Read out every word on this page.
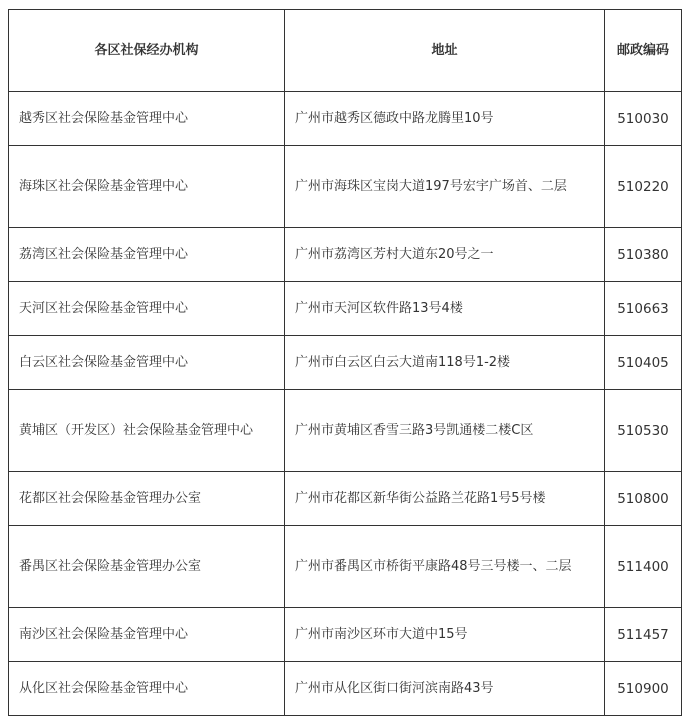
各区社保经办机构	地址	邮政编码
越秀区社会保险基金管理中心	广州市越秀区德政中路龙腾里10号	510030
海珠区社会保险基金管理中心	广州市海珠区宝岗大道197号宏宇广场首、二层	510220
荔湾区社会保险基金管理中心	广州市荔湾区芳村大道东20号之一	510380
天河区社会保险基金管理中心	广州市天河区软件路13号4楼	510663
白云区社会保险基金管理中心	广州市白云区白云大道南118号1-2楼	510405
黄埔区（开发区）社会保险基金管理中心	广州市黄埔区香雪三路3号凯通楼二楼C区	510530
花都区社会保险基金管理办公室	广州市花都区新华街公益路兰花路1号5号楼	510800
番禺区社会保险基金管理办公室	广州市番禺区市桥街平康路48号三号楼一、二层	511400
南沙区社会保险基金管理中心	广州市南沙区环市大道中15号	511457
从化区社会保险基金管理中心	广州市从化区街口街河滨南路43号	510900
